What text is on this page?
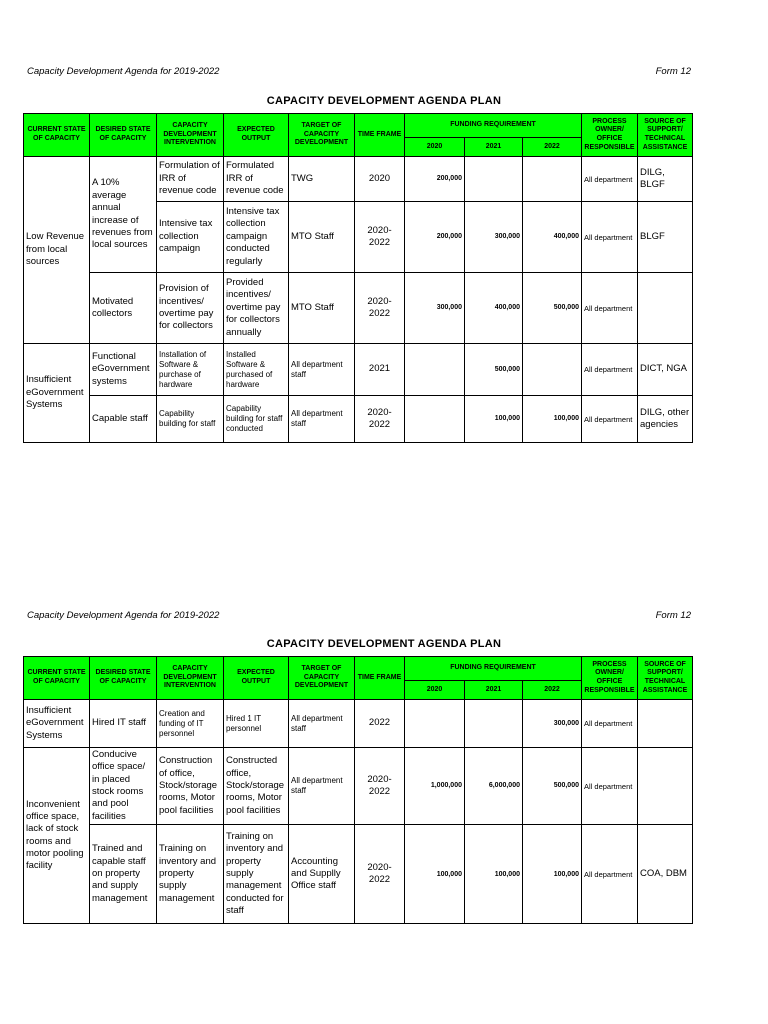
Capacity Development Agenda for 2019-2022	Form 12
CAPACITY DEVELOPMENT AGENDA PLAN
CURRENT STATE OF CAPACITY	DESIRED STATE OF CAPACITY	CAPACITY DEVELOPMENT INTERVENTION	EXPECTED OUTPUT	TARGET OF CAPACITY DEVELOPMENT	TIME FRAME	FUNDING REQUIREMENT			PROCESS OWNER/ OFFICE RESPONSIBLE	SOURCE OF SUPPORT/ TECHNICAL ASSISTANCE
						2020	2021	2022		
Low Revenue from local sources	A 10% average annual increase of revenues from local sources	Formulation of IRR of revenue code	Formulated IRR of revenue code	TWG	2020	200,000			All department	DILG, BLGF
		Intensive tax collection campaign	Intensive tax collection campaign conducted regularly	MTO Staff	2020-2022	200,000	300,000	400,000	All department	BLGF
	Motivated collectors	Provision of incentives/ overtime pay for collectors	Provided incentives/ overtime pay for collectors annually	MTO Staff	2020-2022	300,000	400,000	500,000	All department	
Insufficient eGovernment Systems	Functional eGovernment systems	Installation of Software & purchase of hardware	Installed Software & purchased of hardware	All department staff	2021		500,000		All department	DICT, NGA
	Capable staff	Capability building for staff	Capability building for staff conducted	All department staff	2020-2022		100,000	100,000	All department	DILG, other agencies
Capacity Development Agenda for 2019-2022	Form 12
CAPACITY DEVELOPMENT AGENDA PLAN
CURRENT STATE OF CAPACITY	DESIRED STATE OF CAPACITY	CAPACITY DEVELOPMENT INTERVENTION	EXPECTED OUTPUT	TARGET OF CAPACITY DEVELOPMENT	TIME FRAME	FUNDING REQUIREMENT			PROCESS OWNER/ OFFICE RESPONSIBLE	SOURCE OF SUPPORT/ TECHNICAL ASSISTANCE
						2020	2021	2022		
Insufficient eGovernment Systems	Hired IT staff	Creation and funding of IT personnel	Hired 1 IT personnel	All department staff	2022			300,000	All department	
Inconvenient office space, lack of stock rooms and motor pooling facility	Conducive office space/ in placed stock rooms and pool facilities	Construction of office, Stock/storage rooms, Motor pool facilities	Constructed office, Stock/storage rooms, Motor pool facilities	All department staff	2020-2022	1,000,000	6,000,000	500,000	All department	
	Trained and capable staff on property and supply management	Training on inventory and property supply management	Training on inventory and property supply management conducted for staff	Accounting and Supplly Office staff	2020-2022	100,000	100,000	100,000	All department	COA, DBM
